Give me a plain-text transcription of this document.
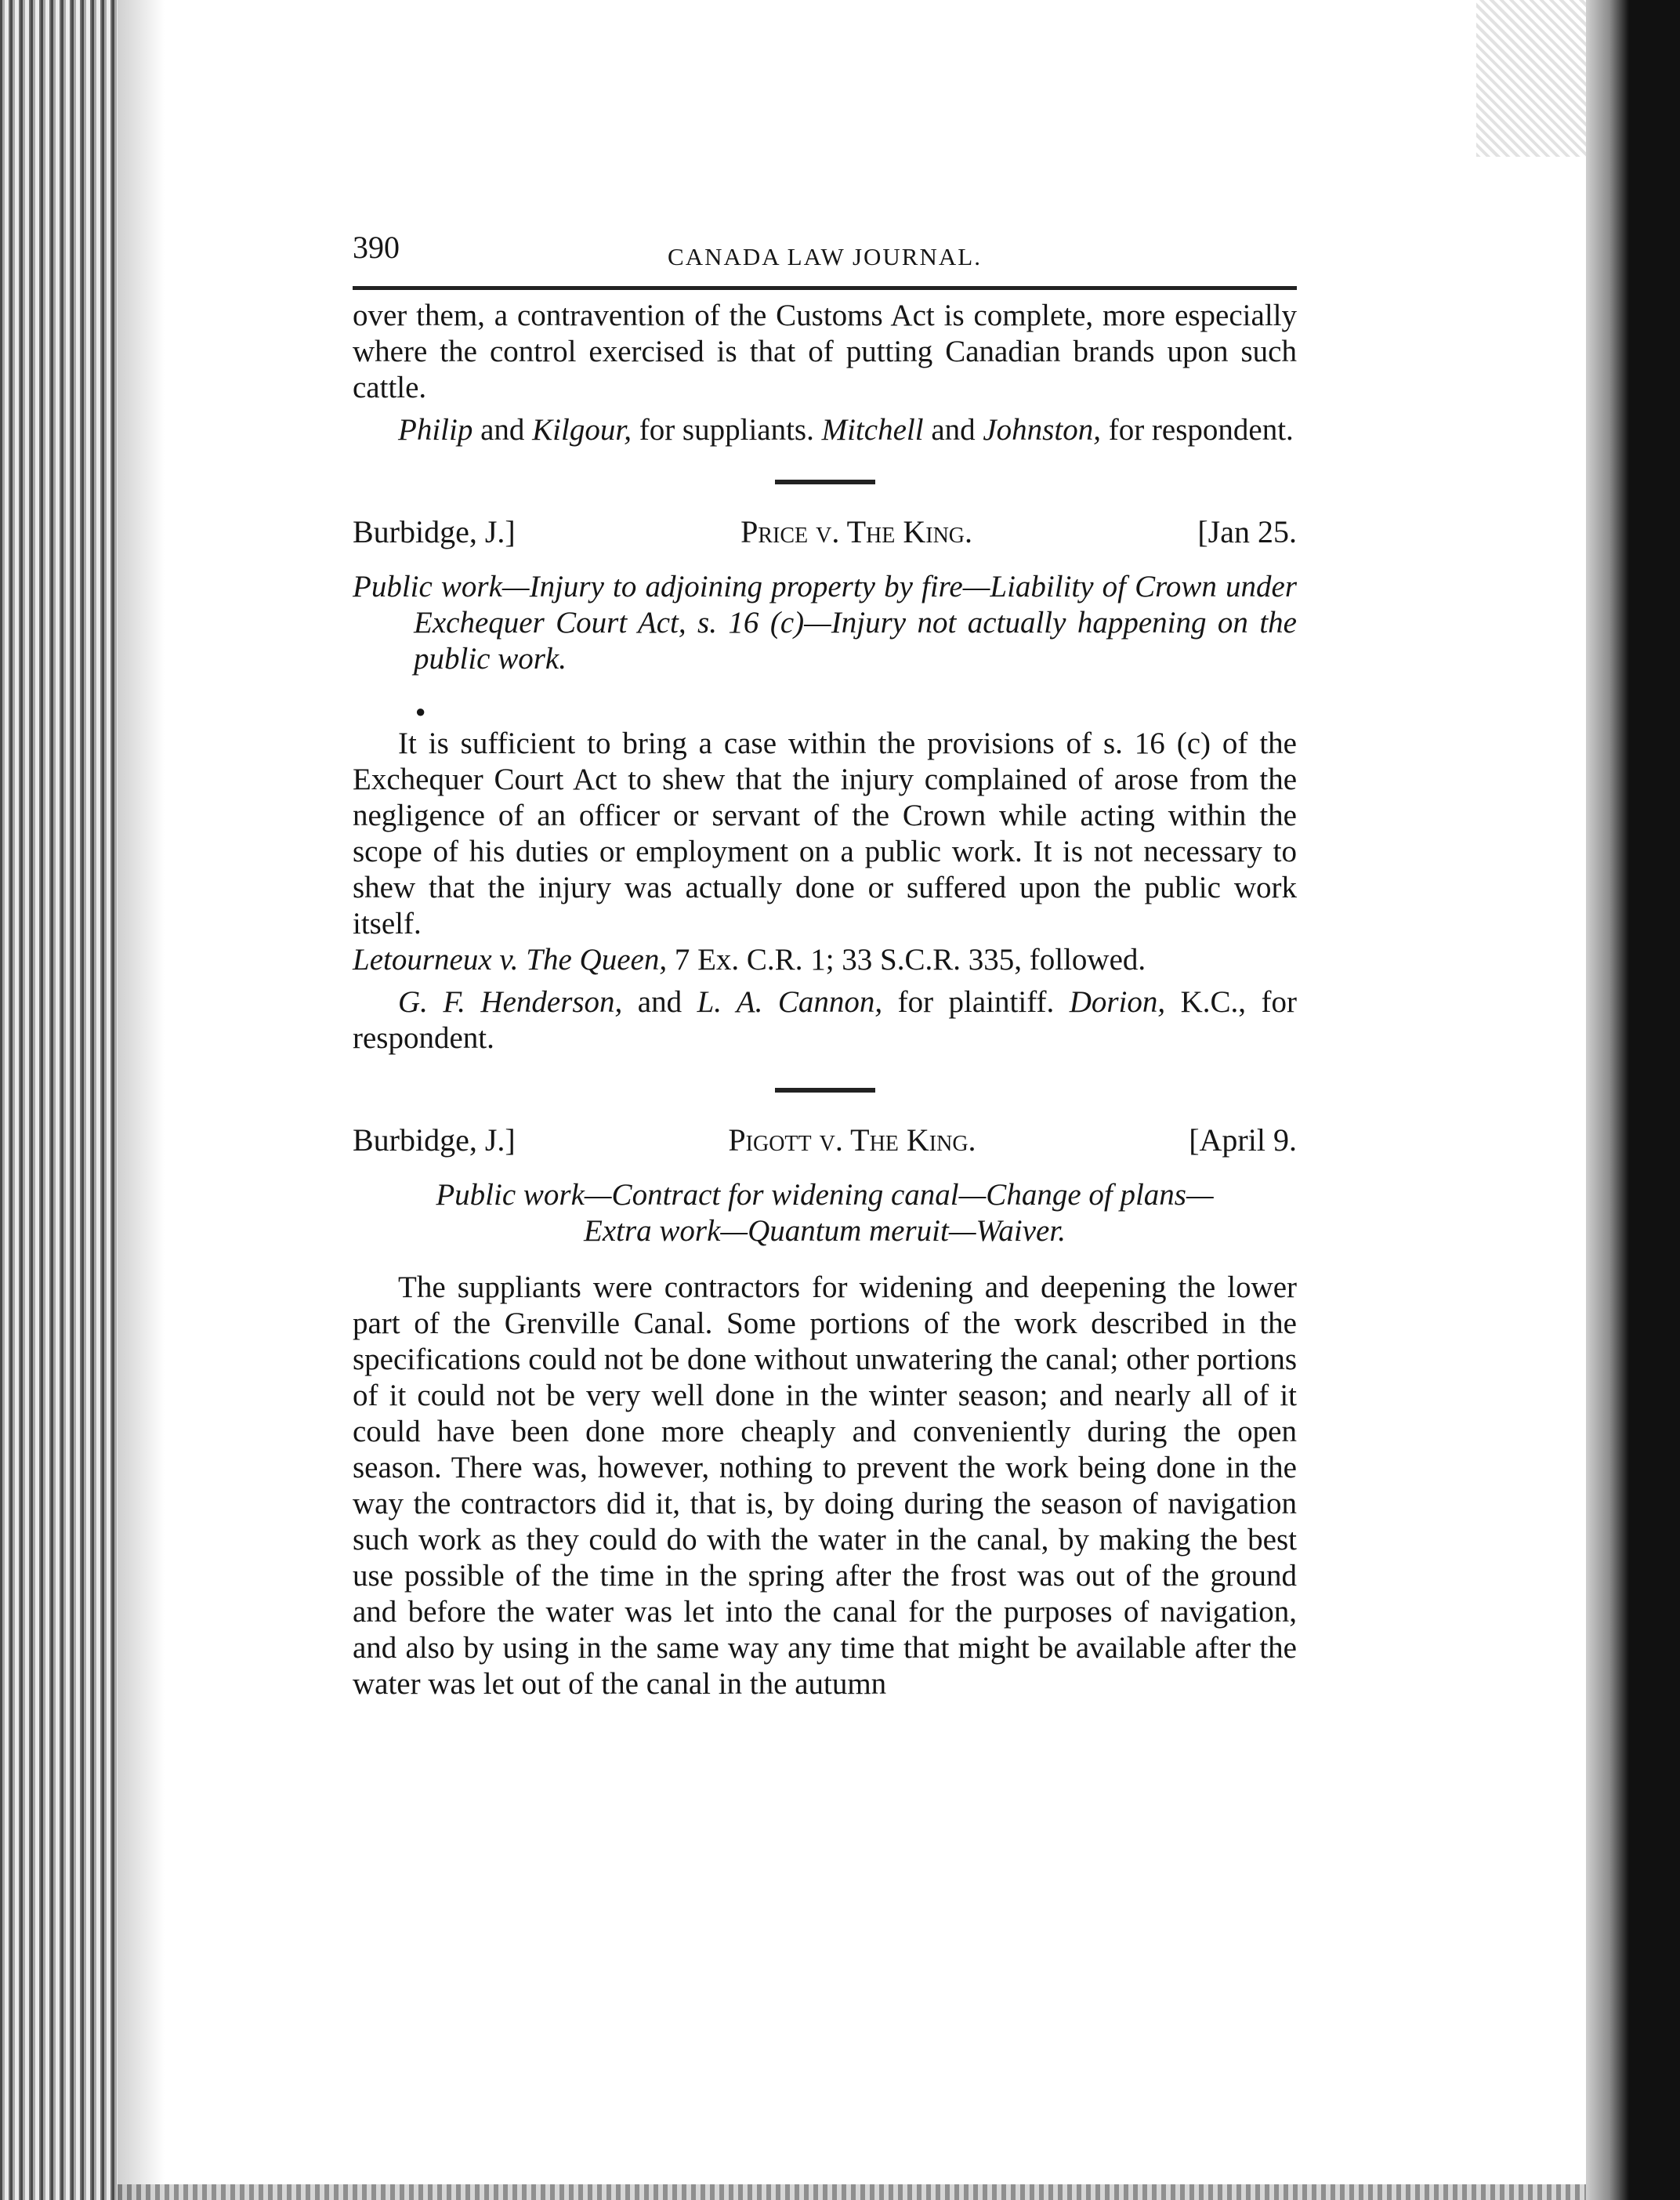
390	CANADA LAW JOURNAL.

over them, a contravention of the Customs Act is complete, more especially where the control exercised is that of putting Canadian brands upon such cattle.

Philip and Kilgour, for suppliants. Mitchell and Johnston, for respondent.

Burbidge, J.]	Price v. The King.	[Jan 25.

Public work—Injury to adjoining property by fire—Liability of Crown under Exchequer Court Act, s. 16 (c)—Injury not actually happening on the public work.

●

It is sufficient to bring a case within the provisions of s. 16 (c) of the Exchequer Court Act to shew that the injury complained of arose from the negligence of an officer or servant of the Crown while acting within the scope of his duties or employment on a public work. It is not necessary to shew that the injury was actually done or suffered upon the public work itself.

Letourneux v. The Queen, 7 Ex. C.R. 1; 33 S.C.R. 335, followed.

G. F. Henderson, and L. A. Cannon, for plaintiff. Dorion, K.C., for respondent.

Burbidge, J.]	Pigott v. The King.	[April 9.

Public work—Contract for widening canal—Change of plans—

Extra work—Quantum meruit—Waiver.

The suppliants were contractors for widening and deepening the lower part of the Grenville Canal. Some portions of the work described in the specifications could not be done without unwatering the canal; other portions of it could not be very well done in the winter season; and nearly all of it could have been done more cheaply and conveniently during the open season. There was, however, nothing to prevent the work being done in the way the contractors did it, that is, by doing during the season of navigation such work as they could do with the water in the canal, by making the best use possible of the time in the spring after the frost was out of the ground and before the water was let into the canal for the purposes of navigation, and also by using in the same way any time that might be available after the water was let out of the canal in the autumn
